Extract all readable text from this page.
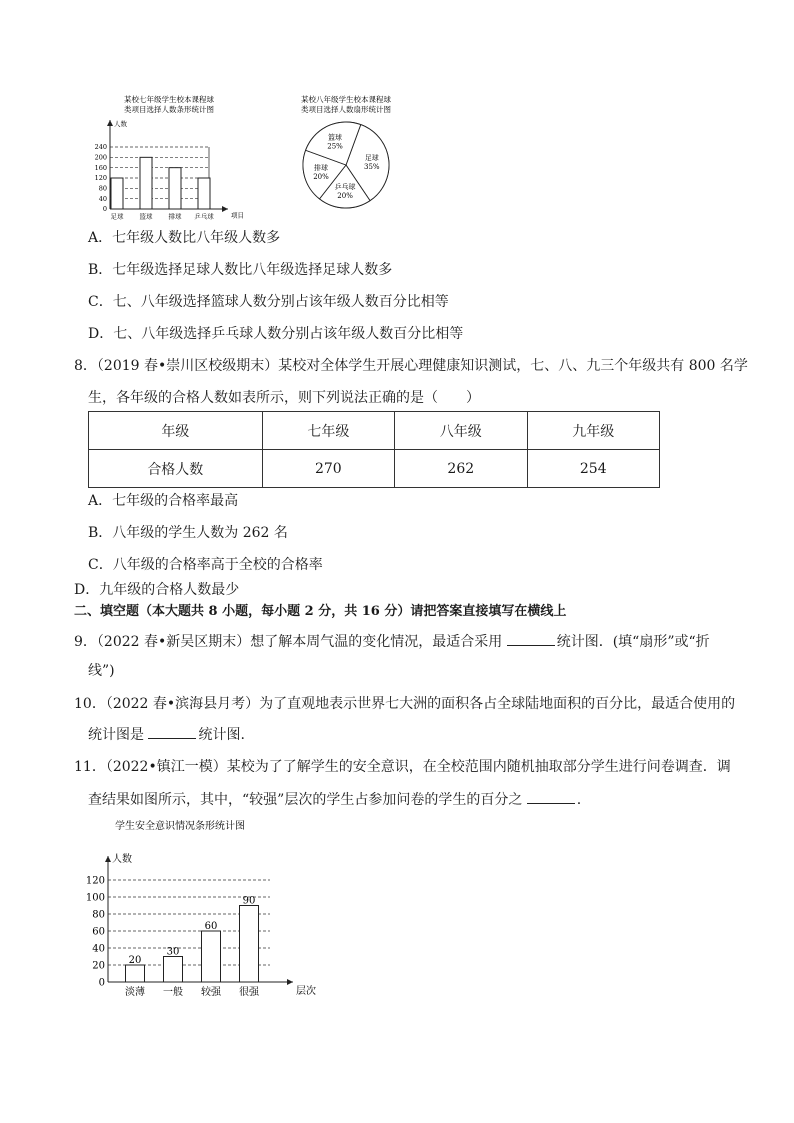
某校七年级学生校本课程球
类项目选择人数条形统计图
人数
项目
0
40
80
120
160
200
240
足球 篮球 排球 乒乓球
某校八年级学生校本课程球
类项目选择人数扇形统计图
足球
35%
乒乓球
20%
排球
20%
篮球
25%
A．七年级人数比八年级人数多
B．七年级选择足球人数比八年级选择足球人数多
C．七、八年级选择篮球人数分别占该年级人数百分比相等
D．七、八年级选择乒乓球人数分别占该年级人数百分比相等
8．（2019 春•崇川区校级期末）某校对全体学生开展心理健康知识测试，七、八、九三个年级共有 800 名学
生，各年级的合格人数如表所示，则下列说法正确的是（　　）
年级	七年级	八年级	九年级
合格人数	270	262	254
A．七年级的合格率最高
B．八年级的学生人数为 262 名
C．八年级的合格率高于全校的合格率
D．九年级的合格人数最少
二、填空题（本大题共 8 小题，每小题 2 分，共 16 分）请把答案直接填写在横线上
9．（2022 春•新吴区期末）想了解本周气温的变化情况，最适合采用	统计图．(填“扇形”或“折
线”)
10．（2022 春•滨海县月考）为了直观地表示世界七大洲的面积各占全球陆地面积的百分比，最适合使用的
统计图是	统计图.
11．（2022•镇江一模）某校为了了解学生的安全意识，在全校范围内随机抽取部分学生进行问卷调查．调
查结果如图所示，其中，“较强”层次的学生占参加问卷的学生的百分之	.
学生安全意识情况条形统计图
人数
层次
0
20
40
60
80
100
120
淡薄
20
一般
30
较强
60
很强
90
